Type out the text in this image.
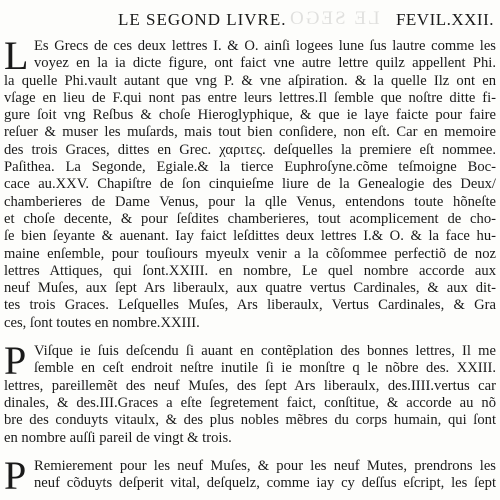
LE SEGOND LIVRE. LE SEGO FEVIL.XXII.
L Es Grecs de ces deux lettres I. & O. ainſi logees lune ſus lautre comme les
voyez en la ia dicte figure, ont faict vne autre lettre quilz appellent Phi.
la quelle Phi.vault autant que vng P. & vne aſpiration. & la quelle Ilz ont en
vſage en lieu de F.qui nont pas entre leurs lettres.Il ſemble que noſtre ditte fi-
gure ſoit vng Reſbus & choſe Hieroglyphique, & que ie laye faicte pour faire
reſuer & muser les muſards, mais tout bien conſidere, non eſt. Car en memoire
des trois Graces, dittes en Grec. χαριτες. deſquelles la premiere eſt nommee.
Paſithea. La Segonde, Egiale.& la tierce Euphroſyne.cõme teſmoigne Boc-
cace au.XXV. Chapiſtre de ſon cinquieſme liure de la Genealogie des Deux/
chamberieres de Dame Venus, pour la qlle Venus, entendons toute hõneſte
et choſe decente, & pour ſeſdites chamberieres, tout acomplicement de cho-
ſe bien ſeyante & auenant. Iay faict leſdittes deux lettres I.& O. & la face hu-
maine enſemble, pour touſiours myeulx venir a la cõſommee perfectiõ de noz
lettres Attiques, qui ſont.XXIII. en nombre, Le quel nombre accorde aux
neuf Muſes, aux ſept Ars liberaulx, aux quatre vertus Cardinales, & aux dit-
tes trois Graces. Leſquelles Muſes, Ars liberaulx, Vertus Cardinales, & Gra
ces, ſont toutes en nombre.XXIII.
P Viſque ie ſuis deſcendu ſi auant en contẽplation des bonnes lettres, Il me
ſemble en ceſt endroit neſtre inutile ſi ie monſtre q le nõbre des. XXIII.
lettres, pareillemẽt des neuf Muſes, des ſept Ars liberaulx, des.IIII.vertus car
dinales, & des.III.Graces a eſte ſegretement faict, conſtitue, & accorde au nõ
bre des conduyts vitaulx, & des plus nobles mẽbres du corps humain, qui ſont
en nombre auſſi pareil de vingt & trois.
P Remierement pour les neuf Muſes, & pour les neuf Mutes, prendrons les
neuf cõduyts deſperit vital, deſquelz, comme iay cy deſſus eſcript, les ſept
